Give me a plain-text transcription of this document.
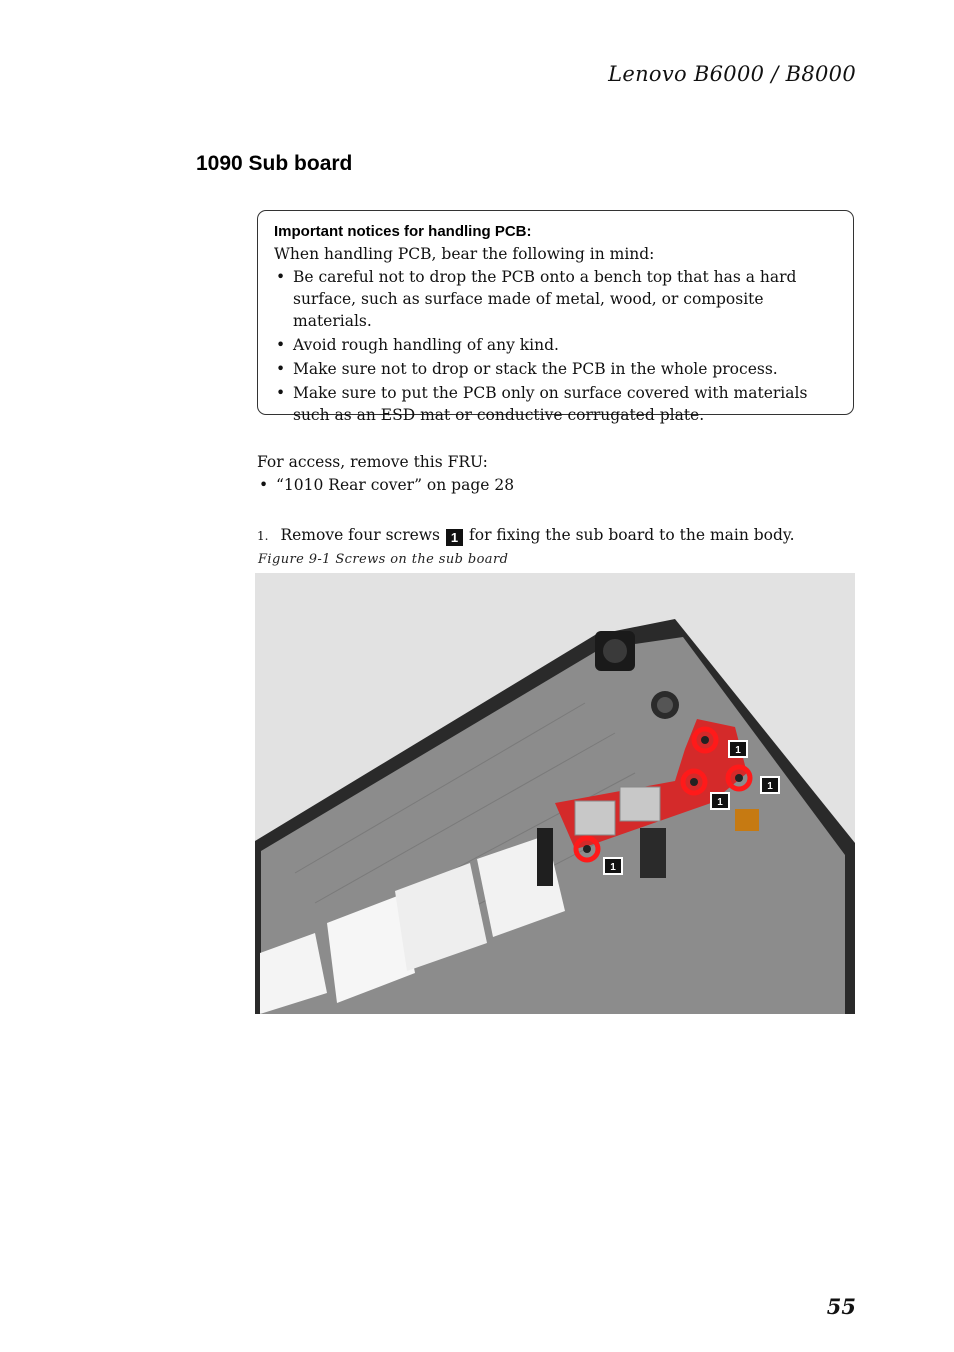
Lenovo B6000 / B8000
1090 Sub board
Important notices for handling PCB:

When handling PCB, bear the following in mind:

• Be careful not to drop the PCB onto a bench top that has a hard surface, such as surface made of metal, wood, or composite materials.
• Avoid rough handling of any kind.
• Make sure not to drop or stack the PCB in the whole process.
• Make sure to put the PCB only on surface covered with materials such as an ESD mat or conductive corrugated plate.

For access, remove this FRU:

• “1010 Rear cover” on page 28
1. Remove four screws 1 for fixing the sub board to the main body.
Figure 9-1 Screws on the sub board
1
1
1
1
55
